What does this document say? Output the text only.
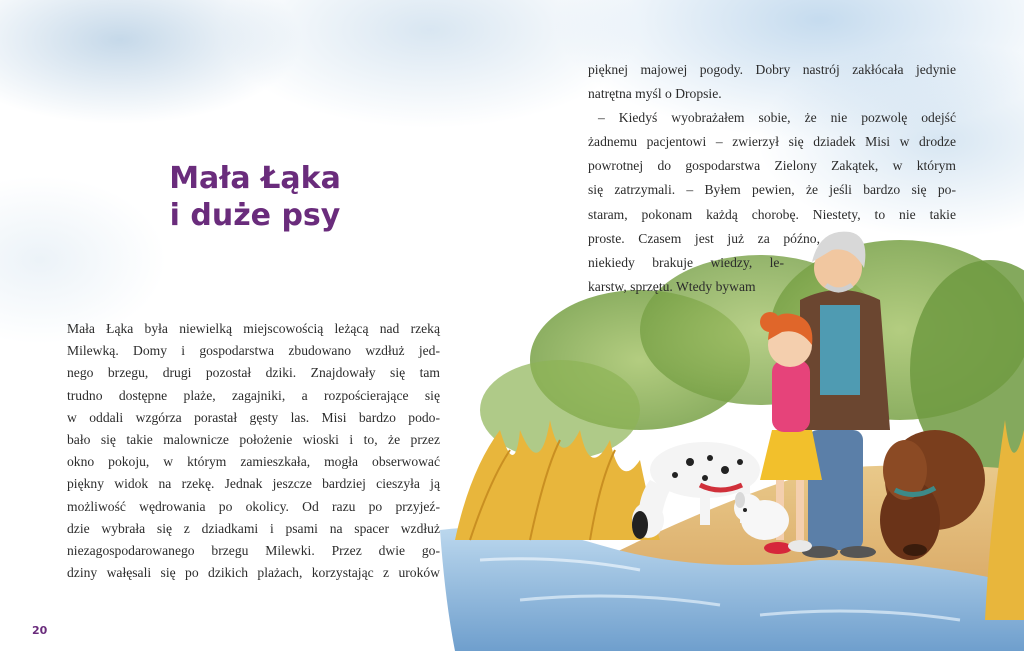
Mała Łąka
i duże psy
Mała Łąka była niewielką miejscowością leżącą nad rzeką
Milewką. Domy i gospodarstwa zbudowano wzdłuż jed-
nego brzegu, drugi pozostał dziki. Znajdowały się tam
trudno dostępne plaże, zagajniki, a rozpościerające się
w oddali wzgórza porastał gęsty las. Misi bardzo podo-
bało się takie malownicze położenie wioski i to, że przez
okno pokoju, w którym zamieszkała, mogła obserwować
piękny widok na rzekę. Jednak jeszcze bardziej cieszyła ją
możliwość wędrowania po okolicy. Od razu po przyjeź-
dzie wybrała się z dziadkami i psami na spacer wzdłuż
niezagospodarowanego brzegu Milewki. Przez dwie go-
dziny wałęsali się po dzikich plażach, korzystając z uroków
pięknej majowej pogody. Dobry nastrój zakłócała jedynie
natrętna myśl o Dropsie.
– Kiedyś wyobrażałem sobie, że nie pozwolę odejść
żadnemu pacjentowi – zwierzył się dziadek Misi w drodze
powrotnej do gospodarstwa Zielony Zakątek, w którym
się zatrzymali. – Byłem pewien, że jeśli bardzo się po-
staram, pokonam każdą chorobę. Niestety, to nie takie
proste. Czasem jest już za późno,
niekiedy brakuje wiedzy, le-
karstw, sprzętu. Wtedy bywam
20
